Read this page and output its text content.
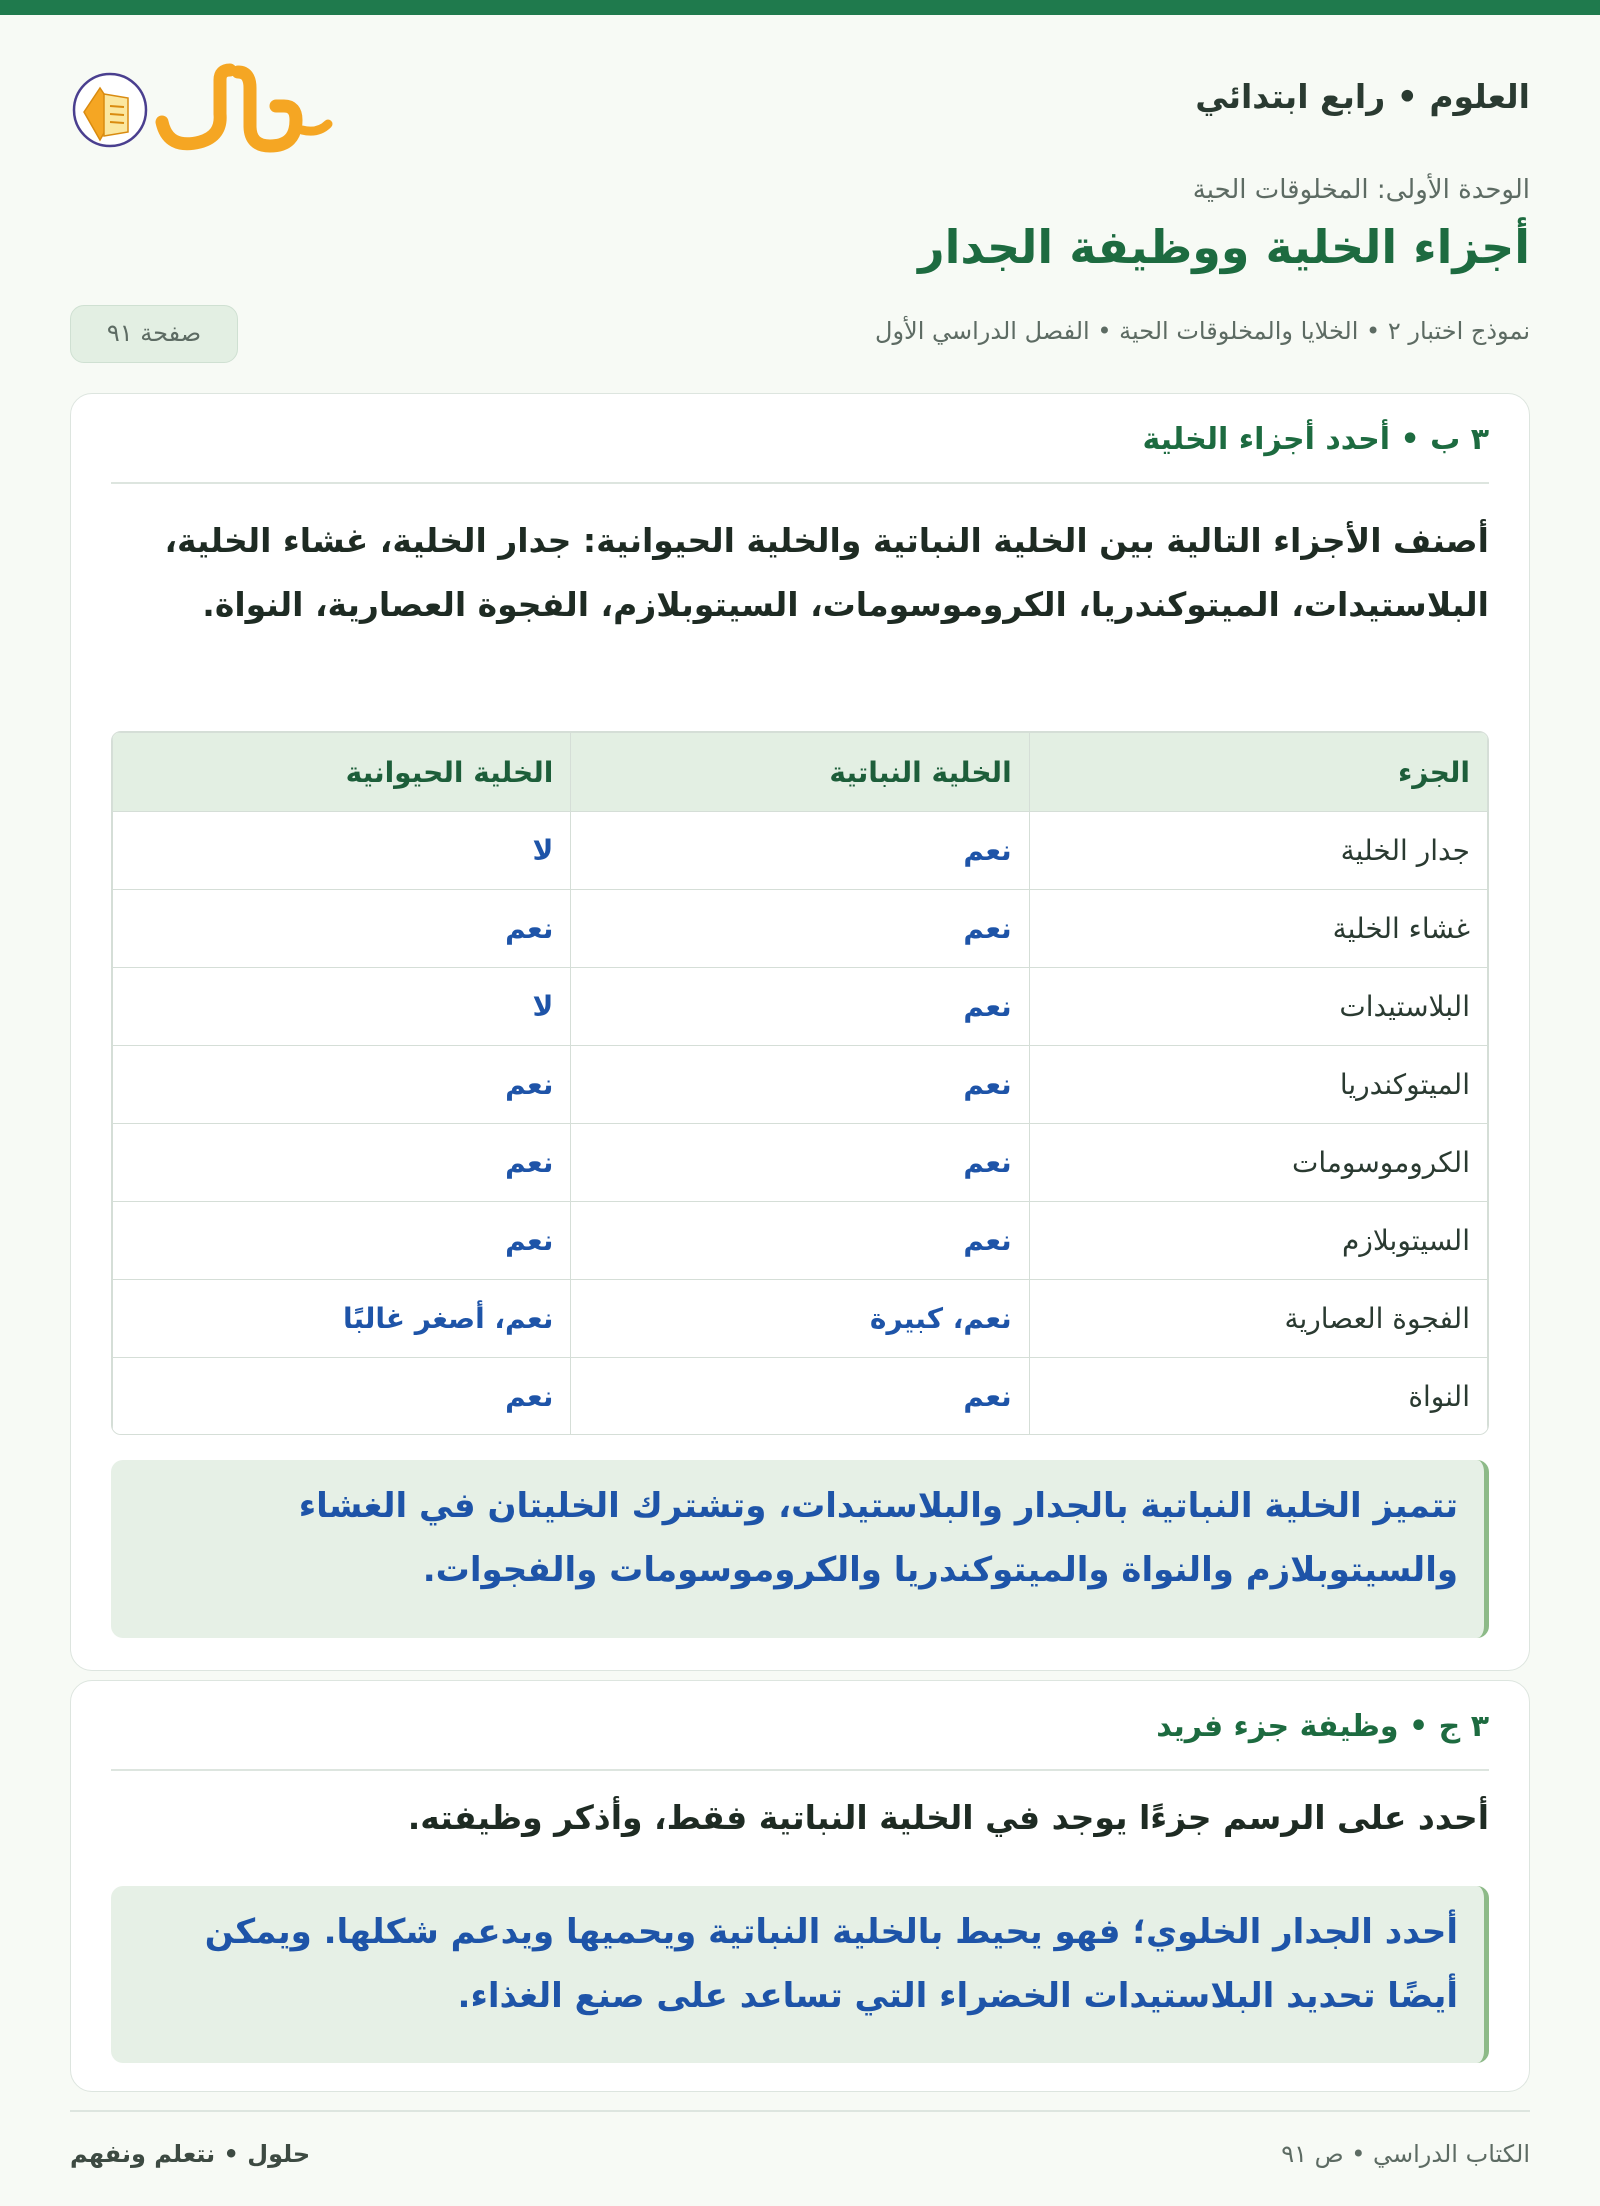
العلوم • رابع ابتدائي
الوحدة الأولى: المخلوقات الحية
أجزاء الخلية ووظيفة الجدار
نموذج اختبار ٢ • الخلايا والمخلوقات الحية • الفصل الدراسي الأول
صفحة ٩١
٣ ب • أحدد أجزاء الخلية

أصنف الأجزاء التالية بين الخلية النباتية والخلية الحيوانية: جدار الخلية، غشاء الخلية، البلاستيدات، الميتوكندريا، الكروموسومات، السيتوبلازم، الفجوة العصارية، النواة.

الجزء	الخلية النباتية	الخلية الحيوانية
جدار الخلية	نعم	لا
غشاء الخلية	نعم	نعم
البلاستيدات	نعم	لا
الميتوكندريا	نعم	نعم
الكروموسومات	نعم	نعم
السيتوبلازم	نعم	نعم
الفجوة العصارية	نعم، كبيرة	نعم، أصغر غالبًا
النواة	نعم	نعم
تتميز الخلية النباتية بالجدار والبلاستيدات، وتشترك الخليتان في الغشاء والسيتوبلازم والنواة والميتوكندريا والكروموسومات والفجوات.
٣ ج • وظيفة جزء فريد

أحدد على الرسم جزءًا يوجد في الخلية النباتية فقط، وأذكر وظيفته.

أحدد الجدار الخلوي؛ فهو يحيط بالخلية النباتية ويحميها ويدعم شكلها. ويمكن أيضًا تحديد البلاستيدات الخضراء التي تساعد على صنع الغذاء.
الكتاب الدراسي • ص ٩١
حلول • نتعلم ونفهم
